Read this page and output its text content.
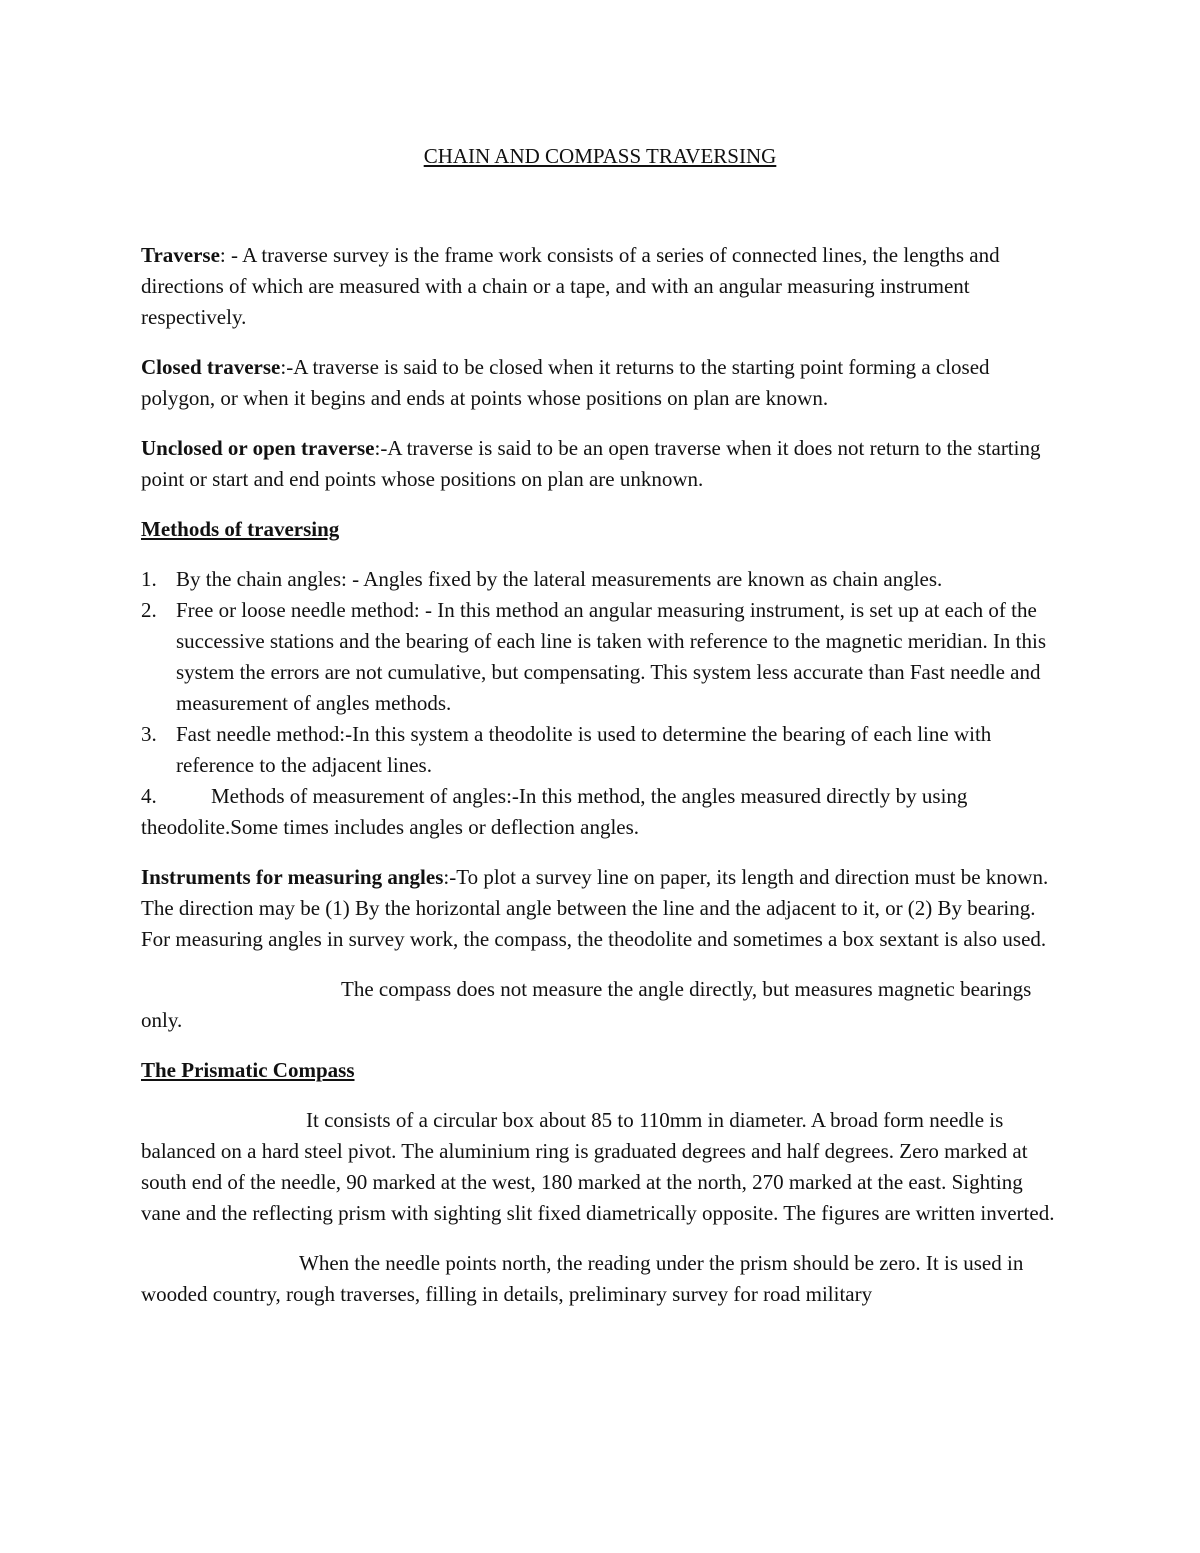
CHAIN AND COMPASS TRAVERSING

Traverse: - A traverse survey is the frame work consists of a series of connected lines, the lengths and directions of which are measured with a chain or a tape, and with an angular measuring instrument respectively.

Closed traverse:-A traverse is said to be closed when it returns to the starting point forming a closed polygon, or when it begins and ends at points whose positions on plan are known.

Unclosed or open traverse:-A traverse is said to be an open traverse when it does not return to the starting point or start and end points whose positions on plan are unknown.

Methods of traversing
1. By the chain angles: - Angles fixed by the lateral measurements are known as chain angles.
2. Free or loose needle method: - In this method an angular measuring instrument, is set up at each of the successive stations and the bearing of each line is taken with reference to the magnetic meridian. In this system the errors are not cumulative, but compensating. This system less accurate than Fast needle and measurement of angles methods.
3. Fast needle method:-In this system a theodolite is used to determine the bearing of each line with reference to the adjacent lines.

4.	Methods of measurement of angles:-In this method, the angles measured directly by using theodolite.Some times includes angles or deflection angles.

Instruments for measuring angles:-To plot a survey line on paper, its length and direction must be known. The direction may be (1) By the horizontal angle between the line and the adjacent to it, or (2) By bearing. For measuring angles in survey work, the compass, the theodolite and sometimes a box sextant is also used.

The compass does not measure the angle directly, but measures magnetic bearings only.

The Prismatic Compass

It consists of a circular box about 85 to 110mm in diameter. A broad form needle is balanced on a hard steel pivot. The aluminium ring is graduated degrees and half degrees. Zero marked at south end of the needle, 90 marked at the west, 180 marked at the north, 270 marked at the east. Sighting vane and the reflecting prism with sighting slit fixed diametrically opposite. The figures are written inverted.

When the needle points north, the reading under the prism should be zero. It is used in wooded country, rough traverses, filling in details, preliminary survey for road military
